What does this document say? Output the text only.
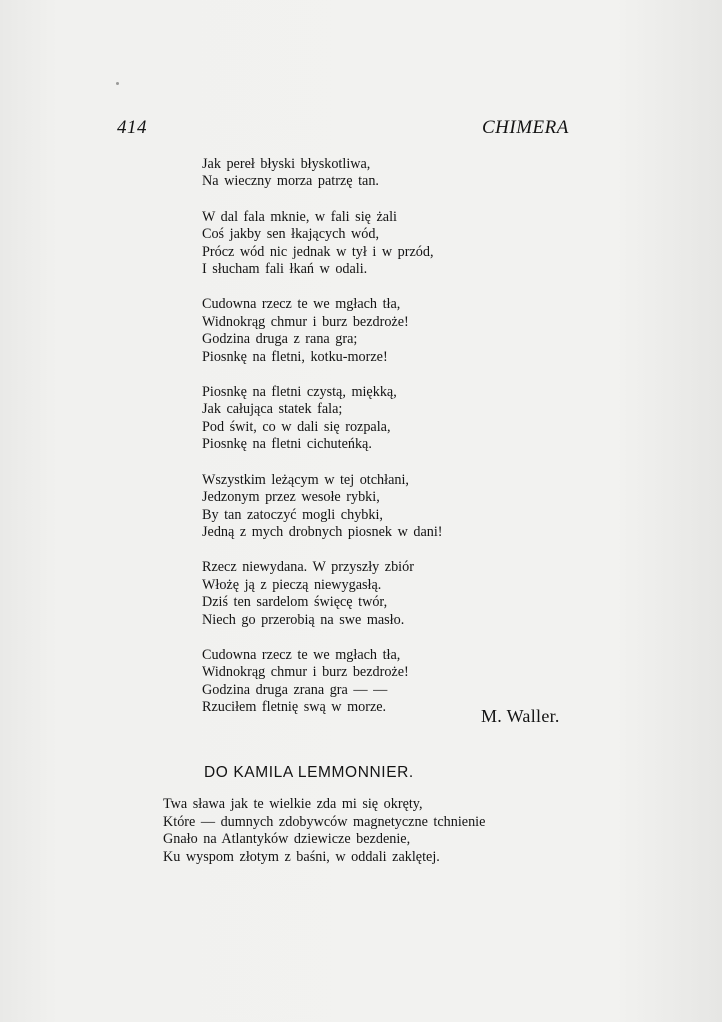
414	CHIMERA
Jak pereł błyski błyskotliwa,
Na wieczny morza patrzę tan.
W dal fala mknie, w fali się żali
Coś jakby sen łkających wód,
Prócz wód nic jednak w tył i w przód,
I słucham fali łkań w odali.
Cudowna rzecz te we mgłach tła,
Widnokrąg chmur i burz bezdroże!
Godzina druga z rana gra;
Piosnkę na fletni, kotku-morze!
Piosnkę na fletni czystą, miękką,
Jak całująca statek fala;
Pod świt, co w dali się rozpala,
Piosnkę na fletni cichuteńką.
Wszystkim leżącym w tej otchłani,
Jedzonym przez wesołe rybki,
By tan zatoczyć mogli chybki,
Jedną z mych drobnych piosnek w dani!
Rzecz niewydana. W przyszły zbiór
Włożę ją z pieczą niewygasłą.
Dziś ten sardelom święcę twór,
Niech go przerobią na swe masło.
Cudowna rzecz te we mgłach tła,
Widnokrąg chmur i burz bezdroże!
Godzina druga zrana gra — —
Rzuciłem fletnię swą w morze.	M. Waller.
DO KAMILA LEMMONNIER.
Twa sława jak te wielkie zda mi się okręty,
Które — dumnych zdobywców magnetyczne tchnienie
Gnało na Atlantyków dziewicze bezdenie,
Ku wyspom złotym z baśni, w oddali zaklętej.
